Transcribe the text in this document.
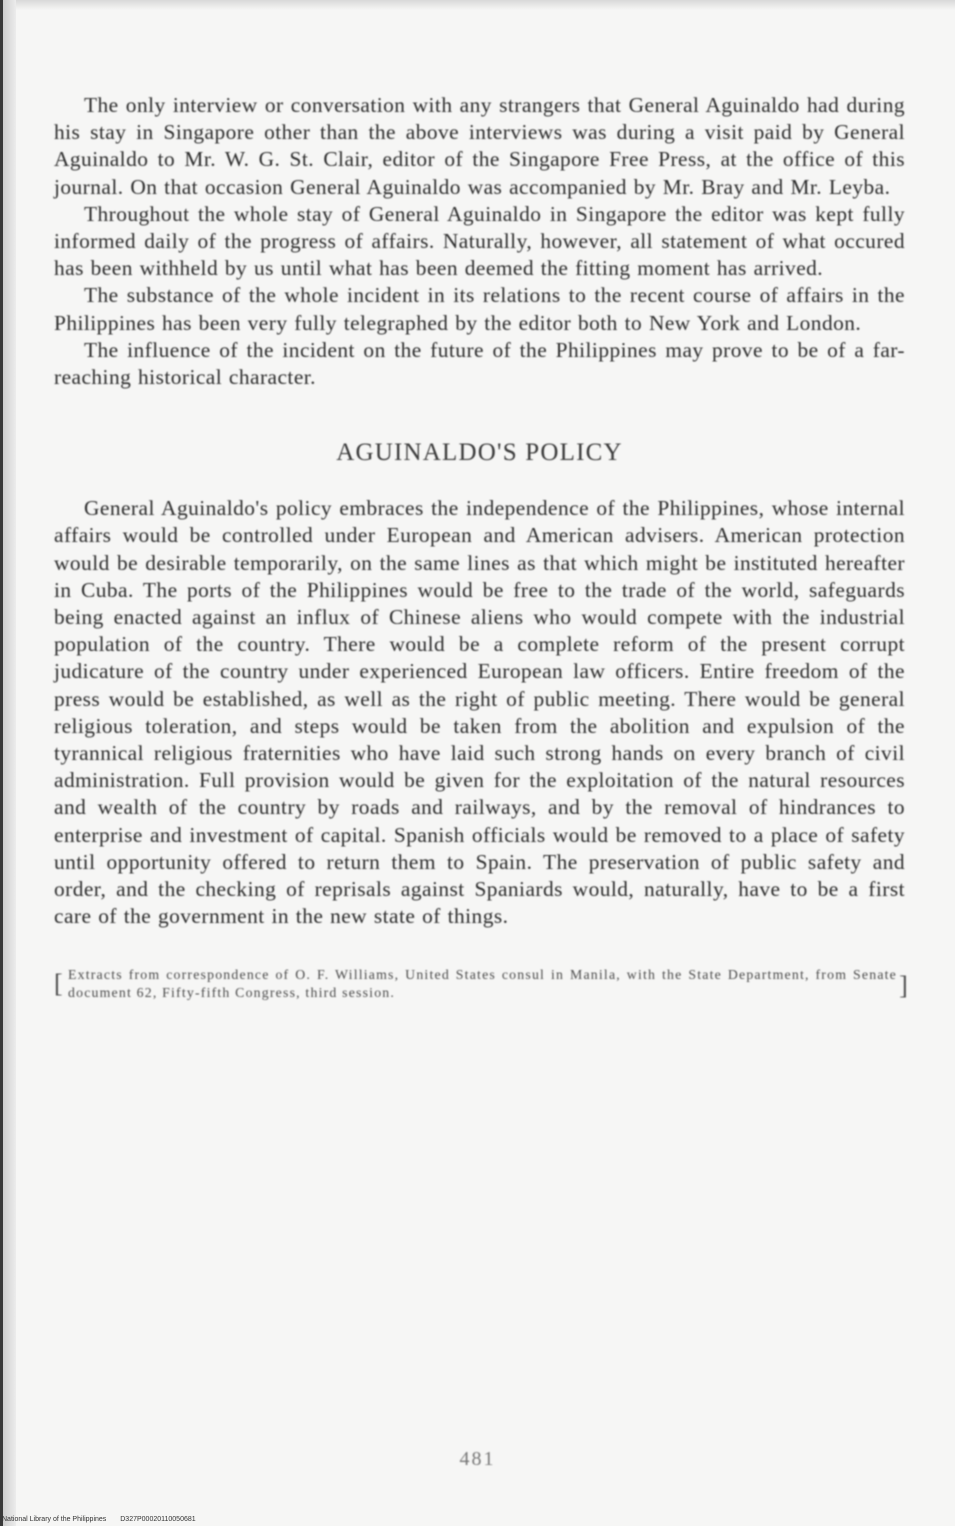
The only interview or conversation with any strangers that General Aguinaldo had during his stay in Singapore other than the above interviews was during a visit paid by General Aguinaldo to Mr. W. G. St. Clair, editor of the Singapore Free Press, at the office of this journal. On that occasion General Aguinaldo was accompanied by Mr. Bray and Mr. Leyba.

Throughout the whole stay of General Aguinaldo in Singapore the editor was kept fully informed daily of the progress of affairs. Naturally, however, all statement of what occured has been withheld by us until what has been deemed the fitting moment has arrived.

The substance of the whole incident in its relations to the recent course of affairs in the Philippines has been very fully telegraphed by the editor both to New York and London.

The influence of the incident on the future of the Philippines may prove to be of a far-reaching historical character.

AGUINALDO'S POLICY

General Aguinaldo's policy embraces the independence of the Philippines, whose internal affairs would be controlled under European and American advisers. American protection would be desirable temporarily, on the same lines as that which might be instituted hereafter in Cuba. The ports of the Philippines would be free to the trade of the world, safeguards being enacted against an influx of Chinese aliens who would compete with the industrial population of the country. There would be a complete reform of the present corrupt judicature of the country under experienced European law officers. Entire freedom of the press would be established, as well as the right of public meeting. There would be general religious toleration, and steps would be taken from the abolition and expulsion of the tyrannical religious fraternities who have laid such strong hands on every branch of civil administration. Full provision would be given for the exploitation of the natural resources and wealth of the country by roads and railways, and by the removal of hindrances to enterprise and investment of capital. Spanish officials would be removed to a place of safety until opportunity offered to return them to Spain. The preservation of public safety and order, and the checking of reprisals against Spaniards would, naturally, have to be a first care of the government in the new state of things.

[ Extracts from correspondence of O. F. Williams, United States consul in Manila, with the State Department, from Senate document 62, Fifty-fifth Congress, third session.	]
481
National Library of the Philippines D327P00020110050681
